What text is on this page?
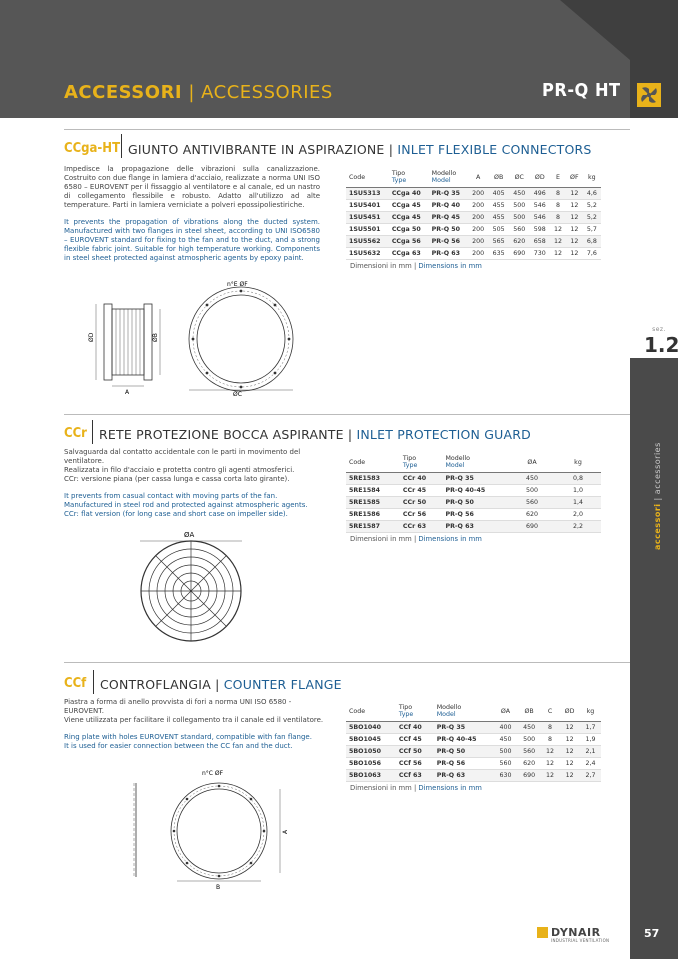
ACCESSORI | ACCESSORIES	PR-Q HT
sez.
1.2
accessori | accessories
CCga-HT GIUNTO ANTIVIBRANTE IN ASPIRAZIONE | INLET FLEXIBLE CONNECTORS

Impedisce la propagazione delle vibrazioni sulla canalizzazione. Costruito con due flange in lamiera d'acciaio, realizzate a norma UNI ISO 6580 – EUROVENT per il fissaggio al ventilatore e al canale, ed un nastro di collegamento flessibile e robusto. Adatto all'utilizzo ad alte temperature. Parti in lamiera verniciate a polveri epossipoliestiriche.

It prevents the propagation of vibrations along the ducted system. Manufactured with two flanges in steel sheet, according to UNI ISO6580 – EUROVENT standard for fixing to the fan and to the duct, and a strong flexible fabric joint. Suitable for high temperature working. Components in steel sheet protected against atmospheric agents by epoxy paint.

Code	Tipo
Type	Modello
Model	A	ØB	ØC	ØD	E	ØF	kg
1SU5313	CCga 40	PR-Q 35	200	405	450	496	8	12	4,6
1SU5401	CCga 45	PR-Q 40	200	455	500	546	8	12	5,2
1SU5451	CCga 45	PR-Q 45	200	455	500	546	8	12	5,2
1SU5501	CCga 50	PR-Q 50	200	505	560	598	12	12	5,7
1SU5562	CCga 56	PR-Q 56	200	565	620	658	12	12	6,8
1SU5632	CCga 63	PR-Q 63	200	635	690	730	12	12	7,6
Dimensioni in mm | Dimensions in mm
ØD	ØB
A
n°E ØF
ØC
CCr RETE PROTEZIONE BOCCA ASPIRANTE | INLET PROTECTION GUARD

Salvaguarda dal contatto accidentale con le parti in movimento del ventilatore.

Realizzata in filo d'acciaio e protetta contro gli agenti atmosferici.

CCr: versione piana (per cassa lunga e cassa corta lato girante).

It prevents from casual contact with moving parts of the fan.

Manufactured in steel rod and protected against atmospheric agents.

CCr: flat version (for long case and short case on impeller side).

Code	Tipo
Type	Modello
Model	ØA	kg
5RE1583	CCr 40	PR-Q 35	450	0,8
5RE1584	CCr 45	PR-Q 40-45	500	1,0
5RE1585	CCr 50	PR-Q 50	560	1,4
5RE1586	CCr 56	PR-Q 56	620	2,0
5RE1587	CCr 63	PR-Q 63	690	2,2
Dimensioni in mm | Dimensions in mm
ØA
CCf CONTROFLANGIA | COUNTER FLANGE

Piastra a forma di anello provvista di fori a norma UNI ISO 6580 - EUROVENT.

Viene utilizzata per facilitare il collegamento tra il canale ed il ventilatore.

Ring plate with holes EUROVENT standard, compatible with fan flange.

It is used for easier connection between the CC fan and the duct.

Code	Tipo
Type	Modello
Model	ØA	ØB	C	ØD	kg
5BO1040	CCf 40	PR-Q 35	400	450	8	12	1,7
5BO1045	CCf 45	PR-Q 40-45	450	500	8	12	1,9
5BO1050	CCf 50	PR-Q 50	500	560	12	12	2,1
5BO1056	CCf 56	PR-Q 56	560	620	12	12	2,4
5BO1063	CCf 63	PR-Q 63	630	690	12	12	2,7
Dimensioni in mm | Dimensions in mm
n°C ØF
A
B
DYNAIR
INDUSTRIAL VENTILATION
57
